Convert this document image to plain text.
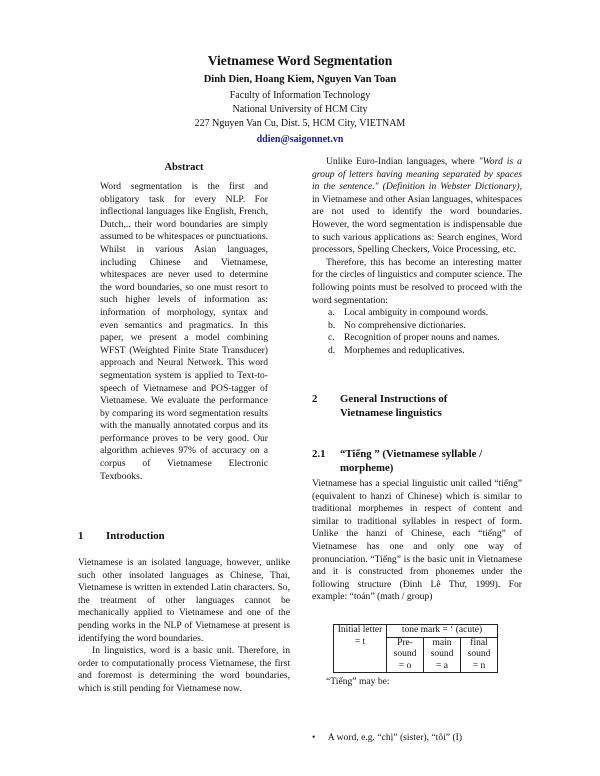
Vietnamese Word Segmentation
Dinh Dien, Hoang Kiem, Nguyen Van Toan
Faculty of Information Technology
National University of HCM City
227 Nguyen Van Cu, Dist. 5, HCM City, VIETNAM
ddien@saigonnet.vn
Abstract

Word segmentation is the first and obligatory task for every NLP. For inflectional languages like English, French, Dutch,.. their word boundaries are simply assumed to be whitespaces or punctuations. Whilst in various Asian languages, including Chinese and Vietnamese, whitespaces are never used to determine the word boundaries, so one must resort to such higher levels of information as: information of morphology, syntax and even semantics and pragmatics. In this paper, we present a model combining WFST (Weighted Finite State Transducer) approach and Neural Network. This word segmentation system is applied to Text-to-speech of Vietnamese and POS-tagger of Vietnamese. We evaluate the performance by comparing its word segmentation results with the manually annotated corpus and its performance proves to be very good. Our algorithm achieves 97% of accuracy on a corpus of Vietnamese Electronic Textbooks.

1 Introduction

Vietnamese is an isolated language, however, unlike such other insolated languages as Chinese, Thai, Vietnamese is written in extended Latin characters. So, the treatment of other languages cannot be mechanically applied to Vietnamese and one of the pending works in the NLP of Vietnamese at present is identifying the word boundaries.

In linguistics, word is a basic unit. Therefore, in order to computationally process Vietnamese, the first and foremost is determining the word boundaries, which is still pending for Vietnamese now.

Unlike Euro-Indian languages, where "Word is a group of letters having meaning separated by spaces in the sentence." (Definition in Webster Dictionary), in Vietnamese and other Asian languages, whitespaces are not used to identify the word boundaries. However, the word segmentation is indispensable due to such various applications as: Search engines, Word processors, Spelling Checkers, Voice Processing, etc.

Therefore, this has become an interesting matter for the circles of linguistics and computer science. The following points must be resolved to proceed with the word segmentation:

a. Local ambiguity in compound words.
b. No comprehensive dictionaries.
c. Recognition of proper nouns and names.
d. Morphemes and reduplicatives.
2 General Instructions of
Vietnamese linguistics
2.1 “Tiếng ” (Vietnamese syllable /
morpheme)

Vietnamese has a special linguistic unit called “tiếng” (equivalent to hanzi of Chinese) which is similar to traditional morphemes in respect of content and similar to traditional syllables in respect of form. Unlike the hanzi of Chinese, each “tiếng” of Vietnamese has one and only one way of pronunciation. “Tiếng” is the basic unit in Vietnamese and it is constructed from phonemes under the following structure (Đinh Lê Thư, 1999). For example: “toán” (math / group)

Initial letter = t	tone mark = ‘ (acute)		
	Pre-sound = o	main sound = a	final sound = n

“Tiếng” may be:

• A word, e.g. “chị” (sister), “tôi” (I)
